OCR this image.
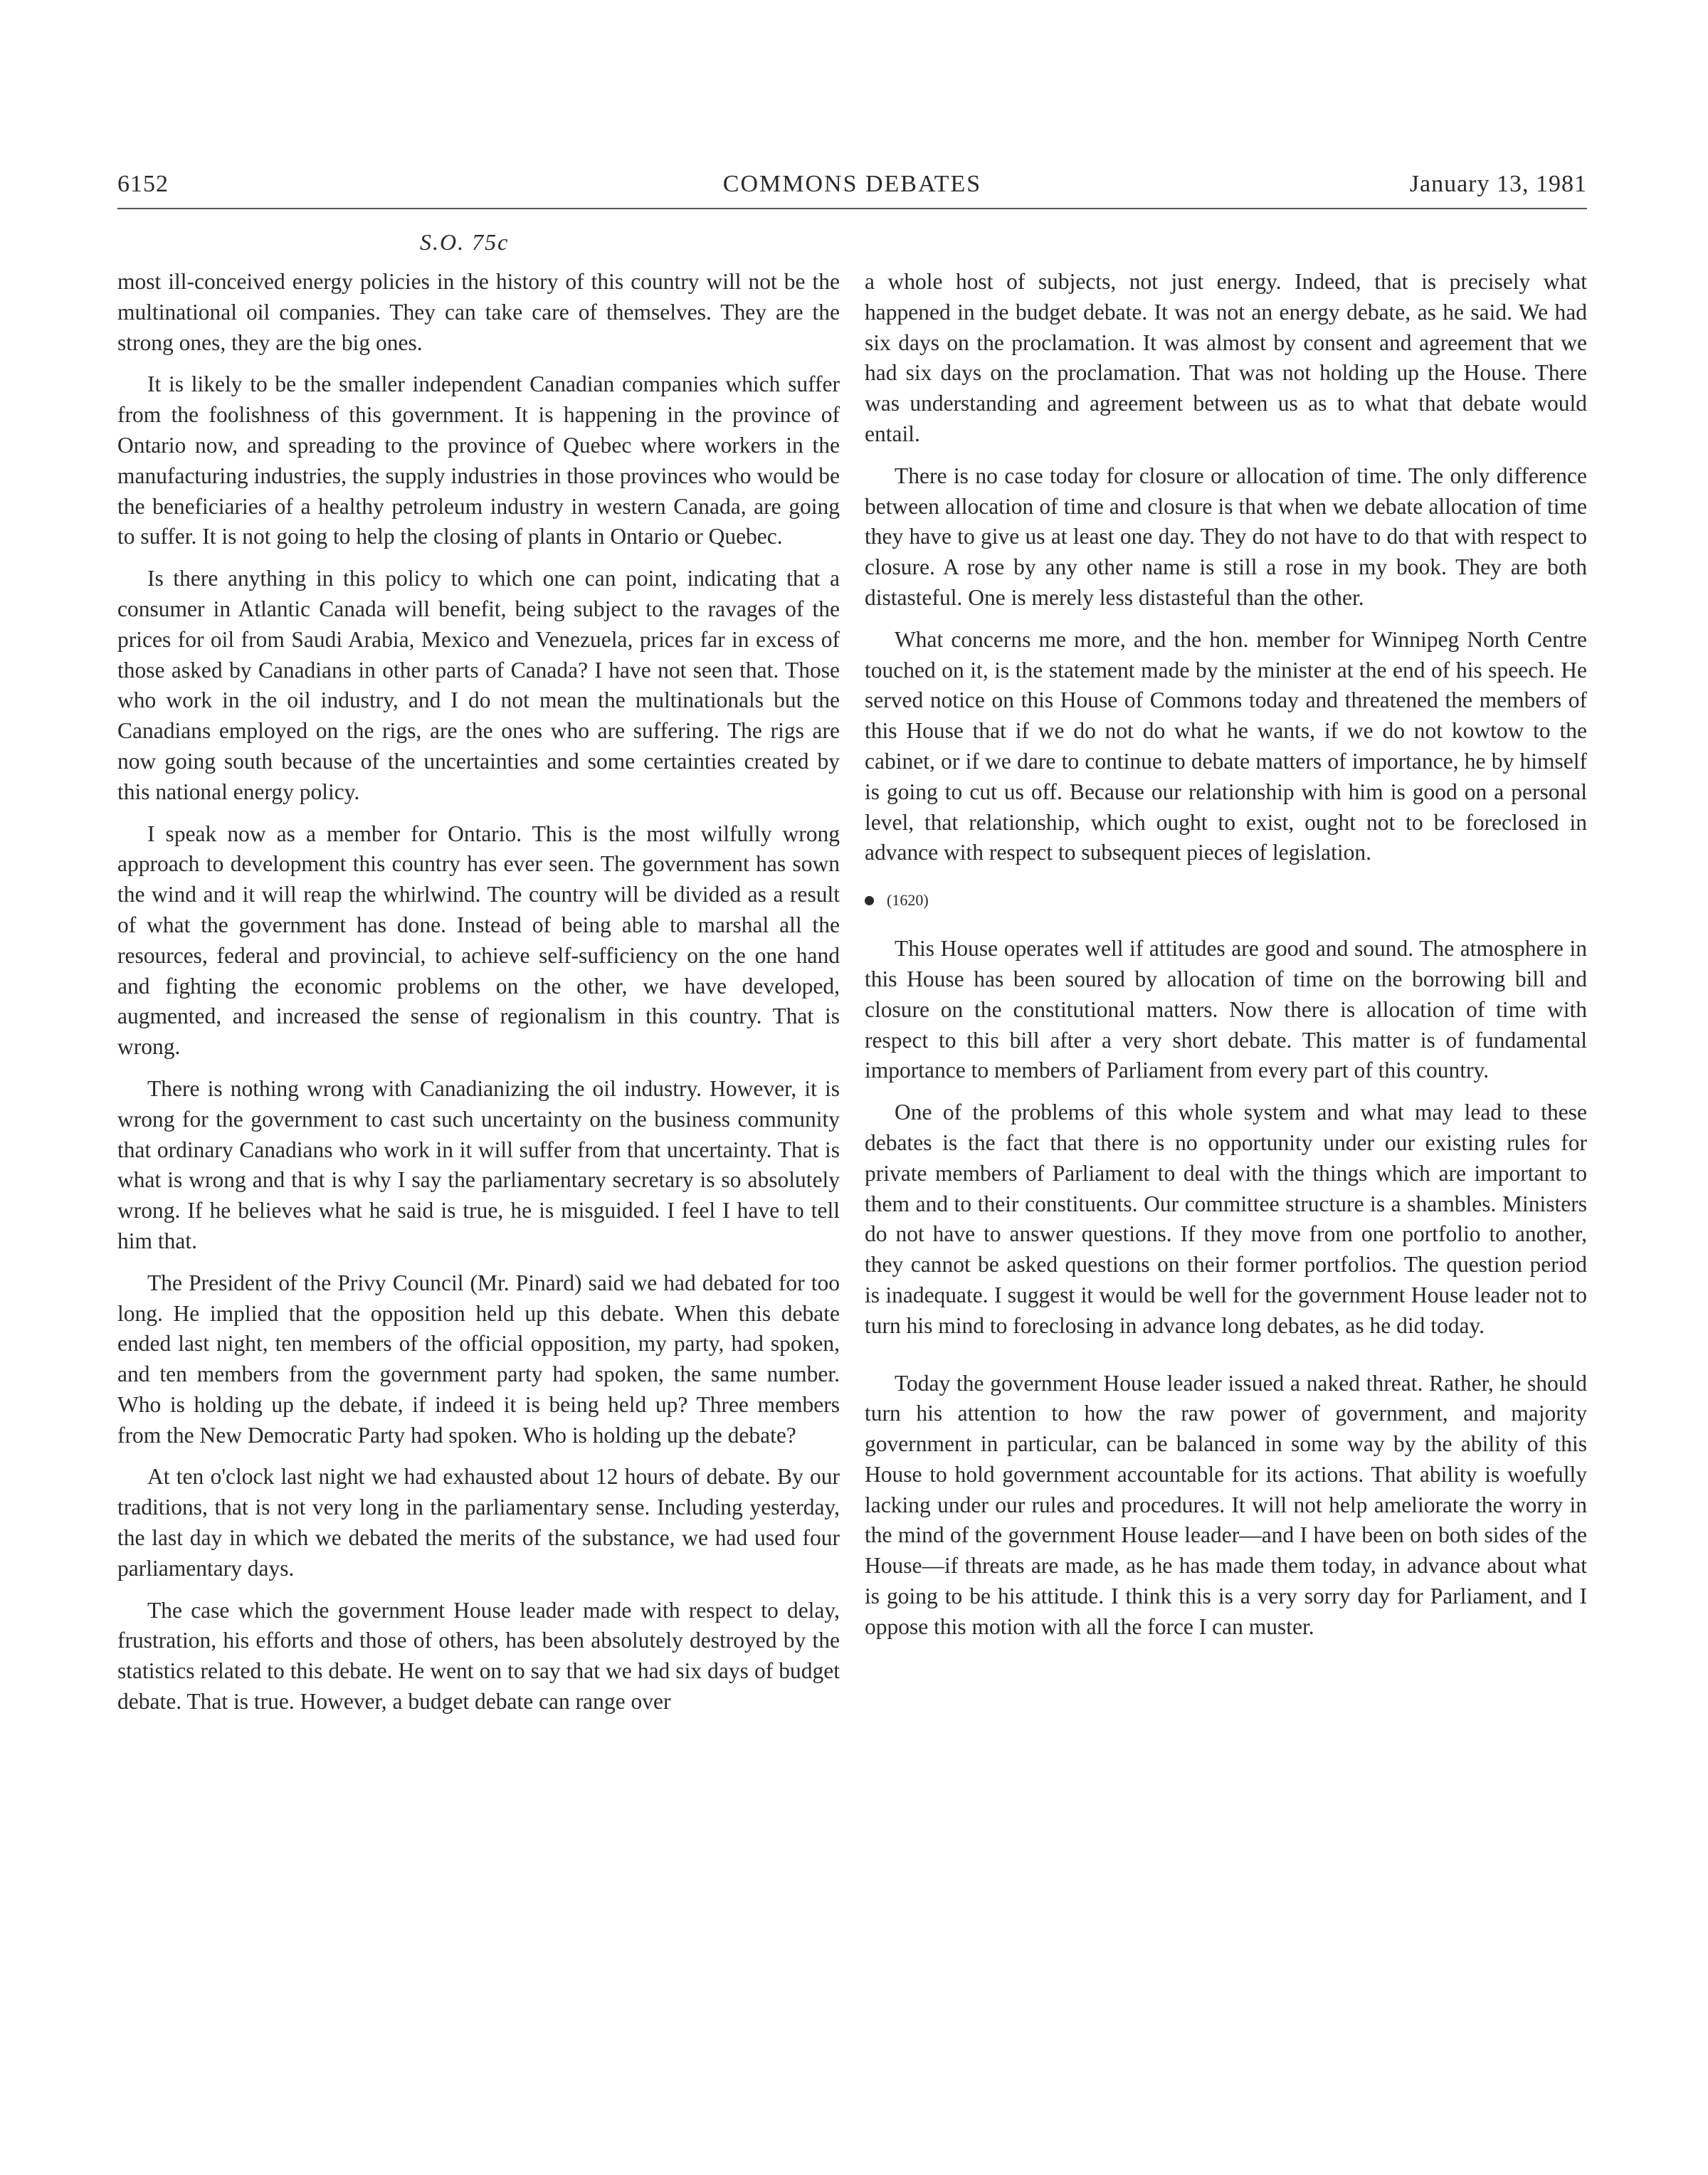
6152	COMMONS DEBATES	January 13, 1981
S.O. 75c

most ill-conceived energy policies in the history of this country will not be the multinational oil companies. They can take care of themselves. They are the strong ones, they are the big ones.

It is likely to be the smaller independent Canadian companies which suffer from the foolishness of this government. It is happening in the province of Ontario now, and spreading to the province of Quebec where workers in the manufacturing industries, the supply industries in those provinces who would be the beneficiaries of a healthy petroleum industry in western Canada, are going to suffer. It is not going to help the closing of plants in Ontario or Quebec.

Is there anything in this policy to which one can point, indicating that a consumer in Atlantic Canada will benefit, being subject to the ravages of the prices for oil from Saudi Arabia, Mexico and Venezuela, prices far in excess of those asked by Canadians in other parts of Canada? I have not seen that. Those who work in the oil industry, and I do not mean the multinationals but the Canadians employed on the rigs, are the ones who are suffering. The rigs are now going south because of the uncertainties and some certainties created by this national energy policy.

I speak now as a member for Ontario. This is the most wilfully wrong approach to development this country has ever seen. The government has sown the wind and it will reap the whirlwind. The country will be divided as a result of what the government has done. Instead of being able to marshal all the resources, federal and provincial, to achieve self-sufficiency on the one hand and fighting the economic problems on the other, we have developed, augmented, and increased the sense of regionalism in this country. That is wrong.

There is nothing wrong with Canadianizing the oil industry. However, it is wrong for the government to cast such uncertainty on the business community that ordinary Canadians who work in it will suffer from that uncertainty. That is what is wrong and that is why I say the parliamentary secretary is so absolutely wrong. If he believes what he said is true, he is misguided. I feel I have to tell him that.

The President of the Privy Council (Mr. Pinard) said we had debated for too long. He implied that the opposition held up this debate. When this debate ended last night, ten members of the official opposition, my party, had spoken, and ten members from the government party had spoken, the same number. Who is holding up the debate, if indeed it is being held up? Three members from the New Democratic Party had spoken. Who is holding up the debate?

At ten o'clock last night we had exhausted about 12 hours of debate. By our traditions, that is not very long in the parliamentary sense. Including yesterday, the last day in which we debated the merits of the substance, we had used four parliamentary days.

The case which the government House leader made with respect to delay, frustration, his efforts and those of others, has been absolutely destroyed by the statistics related to this debate. He went on to say that we had six days of budget debate. That is true. However, a budget debate can range over

a whole host of subjects, not just energy. Indeed, that is precisely what happened in the budget debate. It was not an energy debate, as he said. We had six days on the proclamation. It was almost by consent and agreement that we had six days on the proclamation. That was not holding up the House. There was understanding and agreement between us as to what that debate would entail.

There is no case today for closure or allocation of time. The only difference between allocation of time and closure is that when we debate allocation of time they have to give us at least one day. They do not have to do that with respect to closure. A rose by any other name is still a rose in my book. They are both distasteful. One is merely less distasteful than the other.

What concerns me more, and the hon. member for Winnipeg North Centre touched on it, is the statement made by the minister at the end of his speech. He served notice on this House of Commons today and threatened the members of this House that if we do not do what he wants, if we do not kowtow to the cabinet, or if we dare to continue to debate matters of importance, he by himself is going to cut us off. Because our relationship with him is good on a personal level, that relationship, which ought to exist, ought not to be foreclosed in advance with respect to subsequent pieces of legislation.

(1620)

This House operates well if attitudes are good and sound. The atmosphere in this House has been soured by allocation of time on the borrowing bill and closure on the constitutional matters. Now there is allocation of time with respect to this bill after a very short debate. This matter is of fundamental importance to members of Parliament from every part of this country.

One of the problems of this whole system and what may lead to these debates is the fact that there is no opportunity under our existing rules for private members of Parliament to deal with the things which are important to them and to their constituents. Our committee structure is a shambles. Ministers do not have to answer questions. If they move from one portfolio to another, they cannot be asked questions on their former portfolios. The question period is inadequate. I suggest it would be well for the government House leader not to turn his mind to foreclosing in advance long debates, as he did today.

Today the government House leader issued a naked threat. Rather, he should turn his attention to how the raw power of government, and majority government in particular, can be balanced in some way by the ability of this House to hold government accountable for its actions. That ability is woefully lacking under our rules and procedures. It will not help ameliorate the worry in the mind of the government House leader—and I have been on both sides of the House—if threats are made, as he has made them today, in advance about what is going to be his attitude. I think this is a very sorry day for Parliament, and I oppose this motion with all the force I can muster.
